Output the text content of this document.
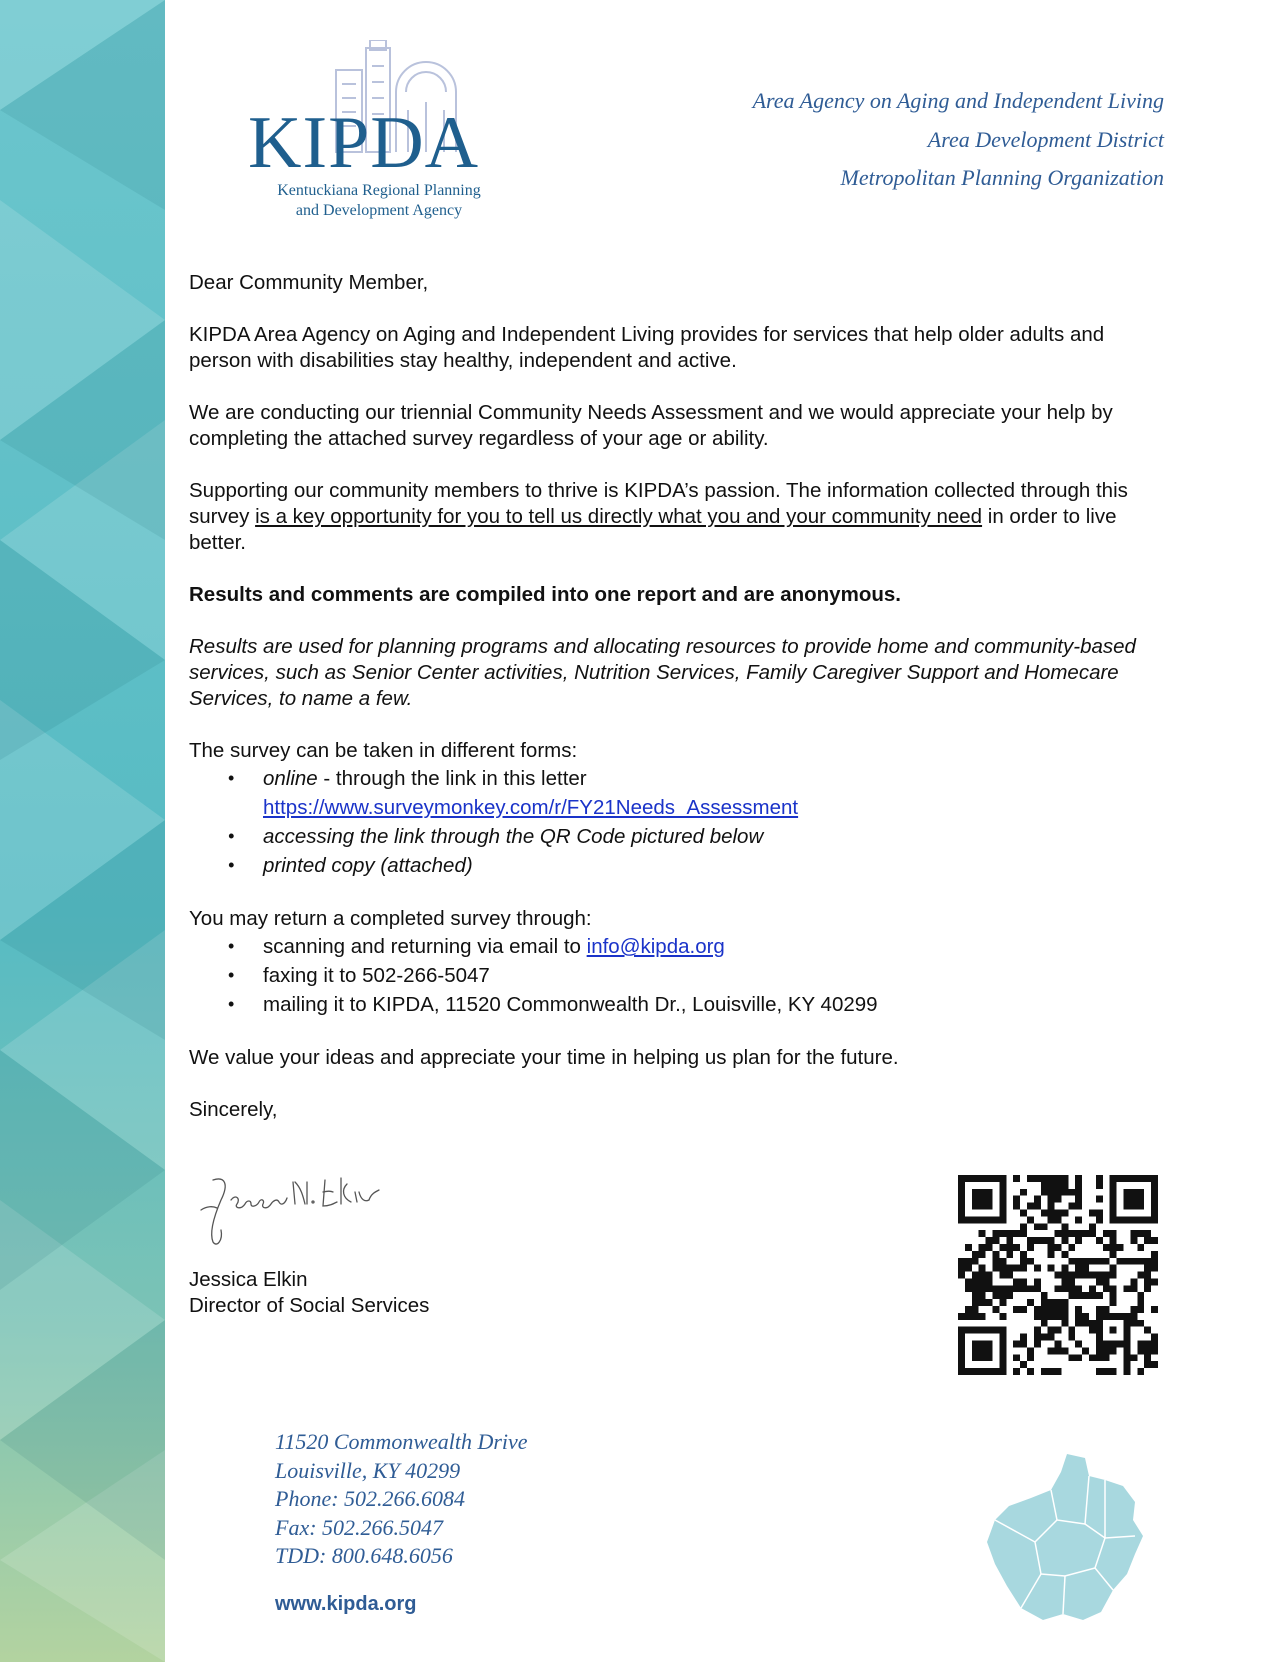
KIPDA
Kentuckiana Regional Planning
and Development Agency
Area Agency on Aging and Independent Living
Area Development District
Metropolitan Planning Organization

Dear Community Member,

KIPDA Area Agency on Aging and Independent Living provides for services that help older adults and person with disabilities stay healthy, independent and active.

We are conducting our triennial Community Needs Assessment and we would appreciate your help by completing the attached survey regardless of your age or ability.

Supporting our community members to thrive is KIPDA’s passion. The information collected through this survey is a key opportunity for you to tell us directly what you and your community need in order to live better.

Results and comments are compiled into one report and are anonymous.

Results are used for planning programs and allocating resources to provide home and community-based services, such as Senior Center activities, Nutrition Services, Family Caregiver Support and Homecare Services, to name a few.

The survey can be taken in different forms:

• online - through the link in this letter
https://www.surveymonkey.com/r/FY21Needs_Assessment
• accessing the link through the QR Code pictured below
• printed copy (attached)

You may return a completed survey through:

• scanning and returning via email to info@kipda.org
• faxing it to 502-266-5047
• mailing it to KIPDA, 11520 Commonwealth Dr., Louisville, KY 40299

We value your ideas and appreciate your time in helping us plan for the future.

Sincerely,

Jessica Elkin
Director of Social Services
11520 Commonwealth Drive
Louisville, KY 40299
Phone: 502.266.6084
Fax: 502.266.5047
TDD: 800.648.6056
www.kipda.org
